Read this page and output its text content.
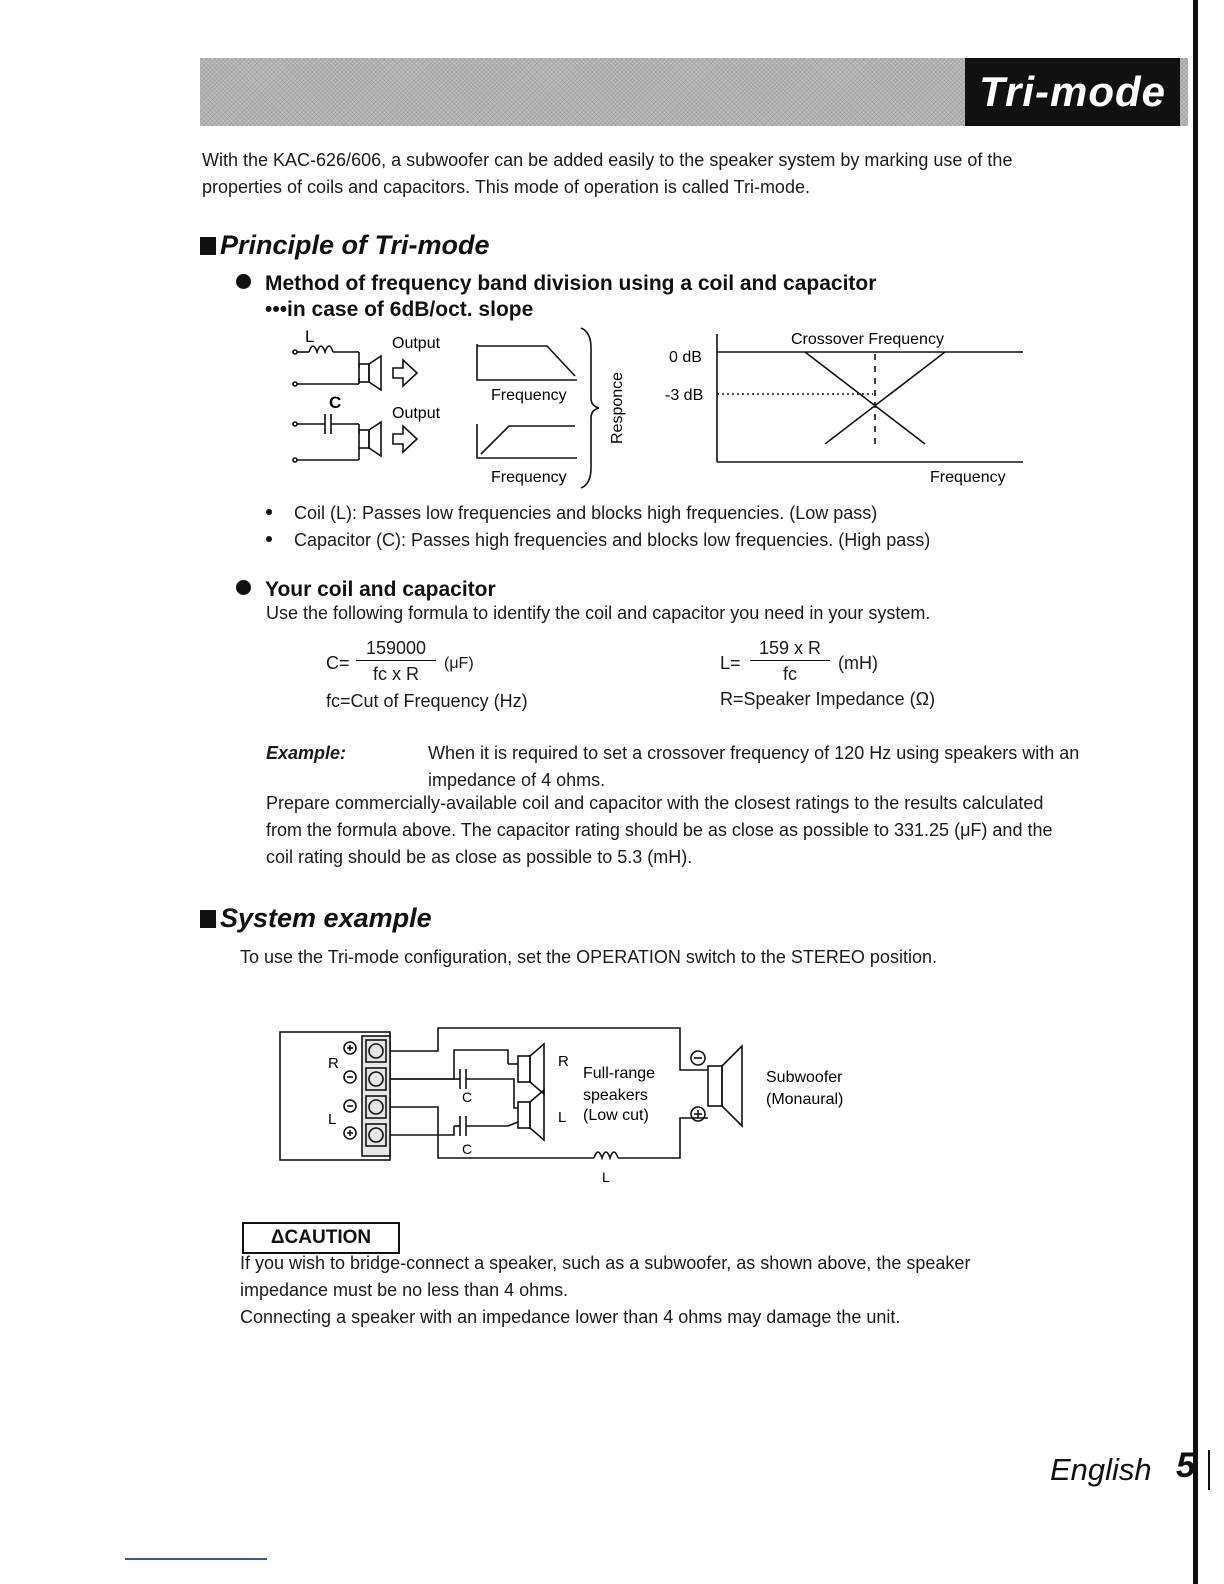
Tri-mode
With the KAC-626/606, a subwoofer can be added easily to the speaker system by marking use of the
properties of coils and capacitors. This mode of operation is called Tri-mode.
Principle of Tri-mode
Method of frequency band division using a coil and capacitor
•••in case of 6dB/oct. slope
L	Output
C
Output
Frequency
Frequency
Responce
0 dB
-3 dB
Crossover Frequency
Frequency
Coil (L): Passes low frequencies and blocks high frequencies. (Low pass)
Capacitor (C): Passes high frequencies and blocks low frequencies. (High pass)
Your coil and capacitor
Use the following formula to identify the coil and capacitor you need in your system.
C=
159000
fc x R
(μF)
fc=Cut of Frequency (Hz)
L=
159 x R
fc
(mH)
R=Speaker Impedance (Ω)
Example:	When it is required to set a crossover frequency of 120 Hz using speakers with an
impedance of 4 ohms.
Prepare commercially-available coil and capacitor with the closest ratings to the results calculated
from the formula above. The capacitor rating should be as close as possible to 331.25 (μF) and the
coil rating should be as close as possible to 5.3 (mH).
System example
To use the Tri-mode configuration, set the OPERATION switch to the STEREO position.
R
L
C
C
L
R
L
Full-range
speakers
(Low cut)
Subwoofer
(Monaural)
ΔCAUTION
If you wish to bridge-connect a speaker, such as a subwoofer, as shown above, the speaker
impedance must be no less than 4 ohms.
Connecting a speaker with an impedance lower than 4 ohms may damage the unit.
English 5
